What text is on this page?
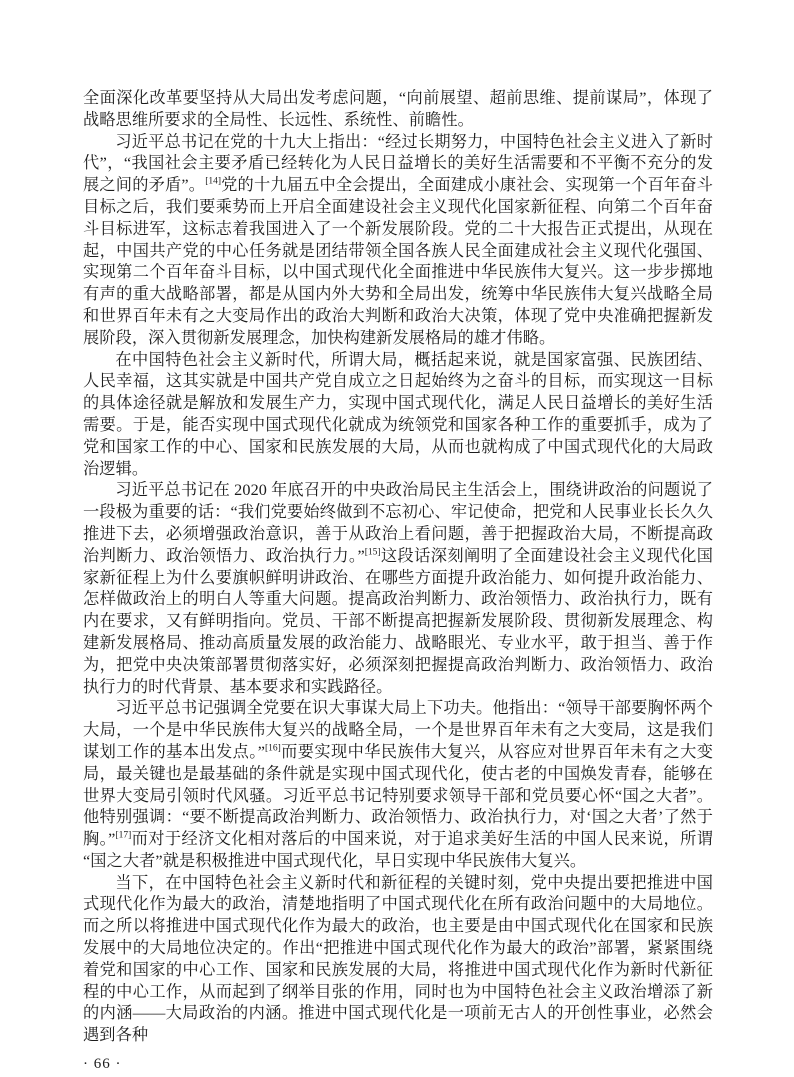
全面深化改革要坚持从大局出发考虑问题，“向前展望、超前思维、提前谋局”，体现了战略思维所要求的全局性、长远性、系统性、前瞻性。

习近平总书记在党的十九大上指出：“经过长期努力，中国特色社会主义进入了新时代”，“我国社会主要矛盾已经转化为人民日益增长的美好生活需要和不平衡不充分的发展之间的矛盾”。[14]党的十九届五中全会提出，全面建成小康社会、实现第一个百年奋斗目标之后，我们要乘势而上开启全面建设社会主义现代化国家新征程、向第二个百年奋斗目标进军，这标志着我国进入了一个新发展阶段。党的二十大报告正式提出，从现在起，中国共产党的中心任务就是团结带领全国各族人民全面建成社会主义现代化强国、实现第二个百年奋斗目标，以中国式现代化全面推进中华民族伟大复兴。这一步步掷地有声的重大战略部署，都是从国内外大势和全局出发，统筹中华民族伟大复兴战略全局和世界百年未有之大变局作出的政治大判断和政治大决策，体现了党中央准确把握新发展阶段，深入贯彻新发展理念，加快构建新发展格局的雄才伟略。

在中国特色社会主义新时代，所谓大局，概括起来说，就是国家富强、民族团结、人民幸福，这其实就是中国共产党自成立之日起始终为之奋斗的目标，而实现这一目标的具体途径就是解放和发展生产力，实现中国式现代化，满足人民日益增长的美好生活需要。于是，能否实现中国式现代化就成为统领党和国家各种工作的重要抓手，成为了党和国家工作的中心、国家和民族发展的大局，从而也就构成了中国式现代化的大局政治逻辑。

习近平总书记在 2020 年底召开的中央政治局民主生活会上，围绕讲政治的问题说了一段极为重要的话：“我们党要始终做到不忘初心、牢记使命，把党和人民事业长长久久推进下去，必须增强政治意识，善于从政治上看问题，善于把握政治大局，不断提高政治判断力、政治领悟力、政治执行力。”[15]这段话深刻阐明了全面建设社会主义现代化国家新征程上为什么要旗帜鲜明讲政治、在哪些方面提升政治能力、如何提升政治能力、怎样做政治上的明白人等重大问题。提高政治判断力、政治领悟力、政治执行力，既有内在要求，又有鲜明指向。党员、干部不断提高把握新发展阶段、贯彻新发展理念、构建新发展格局、推动高质量发展的政治能力、战略眼光、专业水平，敢于担当、善于作为，把党中央决策部署贯彻落实好，必须深刻把握提高政治判断力、政治领悟力、政治执行力的时代背景、基本要求和实践路径。

习近平总书记强调全党要在识大事谋大局上下功夫。他指出：“领导干部要胸怀两个大局，一个是中华民族伟大复兴的战略全局，一个是世界百年未有之大变局，这是我们谋划工作的基本出发点。”[16]而要实现中华民族伟大复兴，从容应对世界百年未有之大变局，最关键也是最基础的条件就是实现中国式现代化，使古老的中国焕发青春，能够在世界大变局引领时代风骚。习近平总书记特别要求领导干部和党员要心怀“国之大者”。他特别强调：“要不断提高政治判断力、政治领悟力、政治执行力，对‘国之大者’了然于胸。”[17]而对于经济文化相对落后的中国来说，对于追求美好生活的中国人民来说，所谓“国之大者”就是积极推进中国式现代化，早日实现中华民族伟大复兴。

当下，在中国特色社会主义新时代和新征程的关键时刻，党中央提出要把推进中国式现代化作为最大的政治，清楚地指明了中国式现代化在所有政治问题中的大局地位。而之所以将推进中国式现代化作为最大的政治，也主要是由中国式现代化在国家和民族发展中的大局地位决定的。作出“把推进中国式现代化作为最大的政治”部署，紧紧围绕着党和国家的中心工作、国家和民族发展的大局，将推进中国式现代化作为新时代新征程的中心工作，从而起到了纲举目张的作用，同时也为中国特色社会主义政治增添了新的内涵——大局政治的内涵。推进中国式现代化是一项前无古人的开创性事业，必然会遇到各种

· 66 ·
